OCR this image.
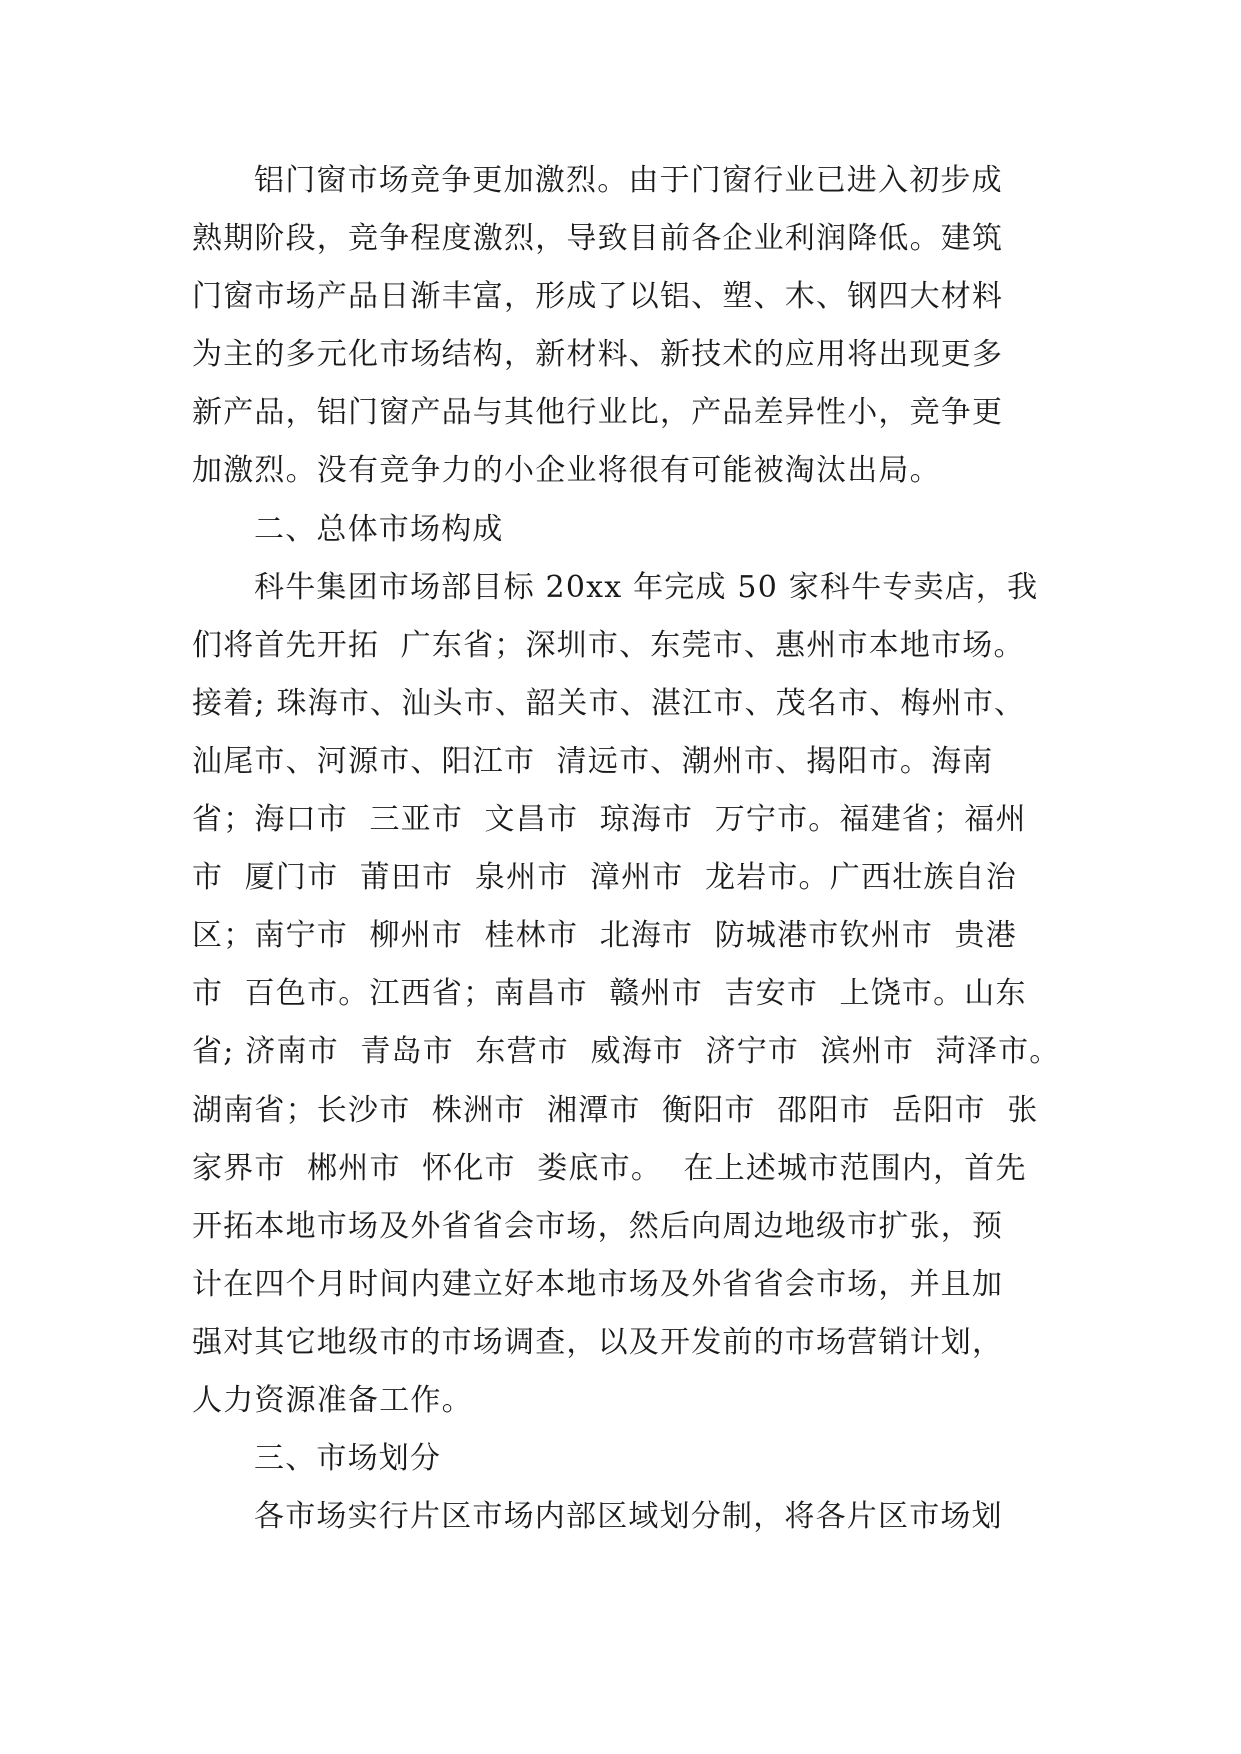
铝门窗市场竞争更加激烈。由于门窗行业已进入初步成
熟期阶段，竞争程度激烈，导致目前各企业利润降低。建筑
门窗市场产品日渐丰富，形成了以铝、塑、木、钢四大材料
为主的多元化市场结构，新材料、新技术的应用将出现更多
新产品，铝门窗产品与其他行业比，产品差异性小，竞争更
加激烈。没有竞争力的小企业将很有可能被淘汰出局。
二、总体市场构成
科牛集团市场部目标 20xx 年完成 50 家科牛专卖店，我
们将首先开拓  广东省；深圳市、东莞市、惠州市本地市场。
接着; 珠海市、汕头市、韶关市、湛江市、茂名市、梅州市、
汕尾市、河源市、阳江市  清远市、潮州市、揭阳市。海南
省；海口市  三亚市  文昌市  琼海市  万宁市。福建省；福州
市  厦门市  莆田市  泉州市  漳州市  龙岩市。广西壮族自治
区；南宁市  柳州市  桂林市  北海市  防城港市钦州市  贵港
市  百色市。江西省；南昌市  赣州市  吉安市  上饶市。山东
省; 济南市  青岛市  东营市  威海市  济宁市  滨州市  菏泽市。
湖南省；长沙市  株洲市  湘潭市  衡阳市  邵阳市  岳阳市  张
家界市  郴州市  怀化市  娄底市。  在上述城市范围内，首先
开拓本地市场及外省省会市场，然后向周边地级市扩张，预
计在四个月时间内建立好本地市场及外省省会市场，并且加
强对其它地级市的市场调查，以及开发前的市场营销计划，
人力资源准备工作。
三、市场划分
各市场实行片区市场内部区域划分制，将各片区市场划
